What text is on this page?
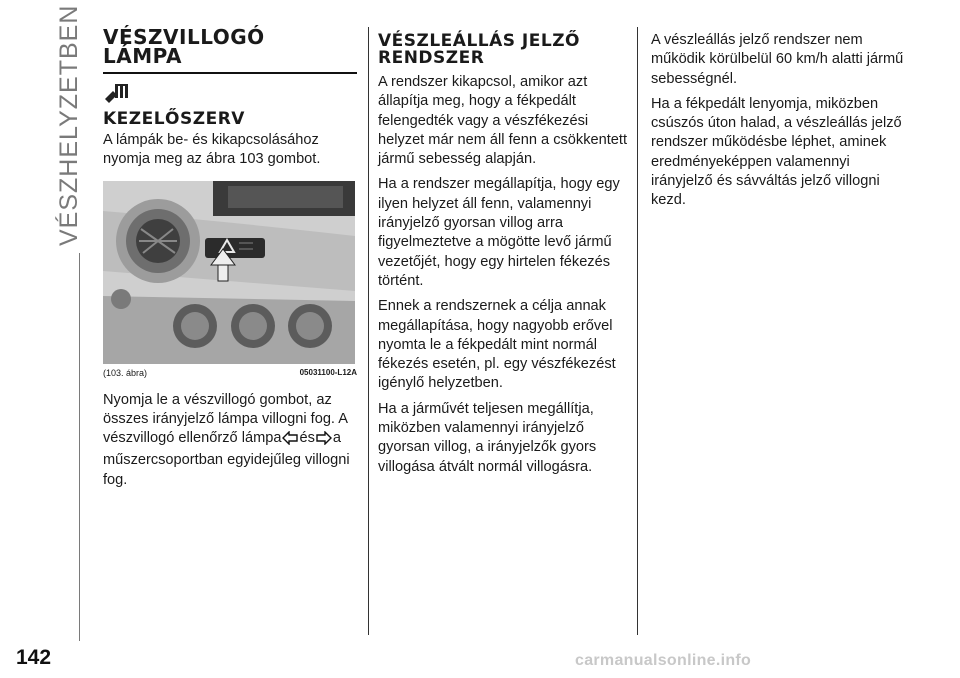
VÉSZHELYZETBEN
142
VÉSZVILLOGÓ
LÁMPA
KEZELŐSZERV

A lámpák be- és kikapcsolásához nyomja meg az ábra 103 gombot.

(103. ábra)	05031100-L12A

Nyomja le a vészvillogó gombot, az összes irányjelző lámpa villogni fog. A vészvillogó ellenőrző lámpa és a műszercsoportban egyidejűleg villogni fog.

VÉSZLEÁLLÁS JELZŐ
RENDSZER

A rendszer kikapcsol, amikor azt állapítja meg, hogy a fékpedált felengedték vagy a vészfékezési helyzet már nem áll fenn a csökkentett jármű sebesség alapján.

Ha a rendszer megállapítja, hogy egy ilyen helyzet áll fenn, valamennyi irányjelző gyorsan villog arra figyelmeztetve a mögötte levő jármű vezetőjét, hogy egy hirtelen fékezés történt.

Ennek a rendszernek a célja annak megállapítása, hogy nagyobb erővel nyomta le a fékpedált mint normál fékezés esetén, pl. egy vészfékezést igénylő helyzetben.

Ha a járművét teljesen megállítja, miközben valamennyi irányjelző gyorsan villog, a irányjelzők gyors villogása átvált normál villogásra.

A vészleállás jelző rendszer nem működik körülbelül 60 km/h alatti jármű sebességnél.

Ha a fékpedált lenyomja, miközben csúszós úton halad, a vészleállás jelző rendszer működésbe léphet, aminek eredményeképpen valamennyi irányjelző és sávváltás jelző villogni kezd.

carmanualsonline.info
